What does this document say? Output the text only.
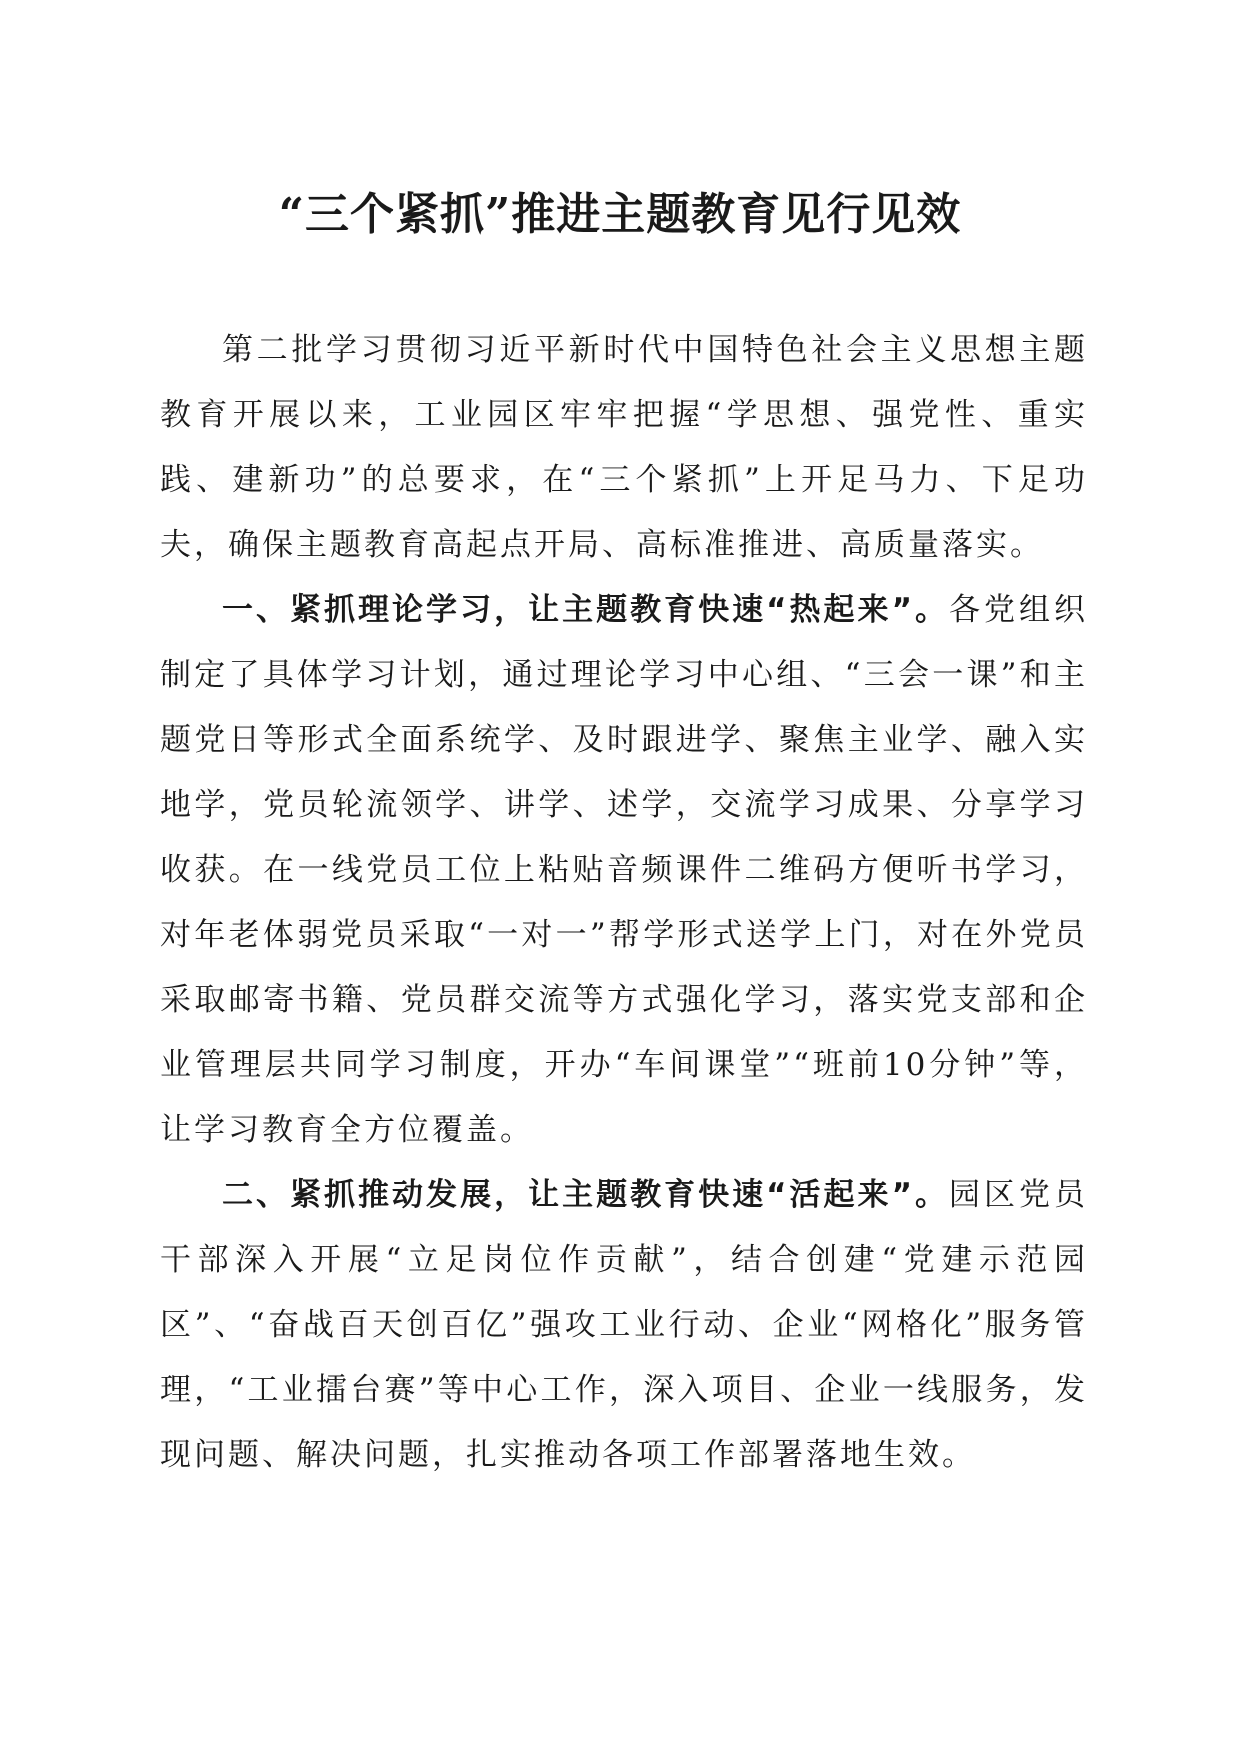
“三个紧抓”推进主题教育见行见效

第二批学习贯彻习近平新时代中国特色社会主义思想主题教育开展以来，工业园区牢牢把握“学思想、强党性、重实践、建新功”的总要求，在“三个紧抓”上开足马力、下足功夫，确保主题教育高起点开局、高标准推进、高质量落实。

一、紧抓理论学习，让主题教育快速“热起来”。各党组织制定了具体学习计划，通过理论学习中心组、“三会一课”和主题党日等形式全面系统学、及时跟进学、聚焦主业学、融入实地学，党员轮流领学、讲学、述学，交流学习成果、分享学习收获。在一线党员工位上粘贴音频课件二维码方便听书学习，对年老体弱党员采取“一对一”帮学形式送学上门，对在外党员采取邮寄书籍、党员群交流等方式强化学习，落实党支部和企业管理层共同学习制度，开办“车间课堂”“班前10分钟”等，让学习教育全方位覆盖。

二、紧抓推动发展，让主题教育快速“活起来”。园区党员干部深入开展“立足岗位作贡献”，结合创建“党建示范园区”、“奋战百天创百亿”强攻工业行动、企业“网格化”服务管理，“工业擂台赛”等中心工作，深入项目、企业一线服务，发现问题、解决问题，扎实推动各项工作部署落地生效。
